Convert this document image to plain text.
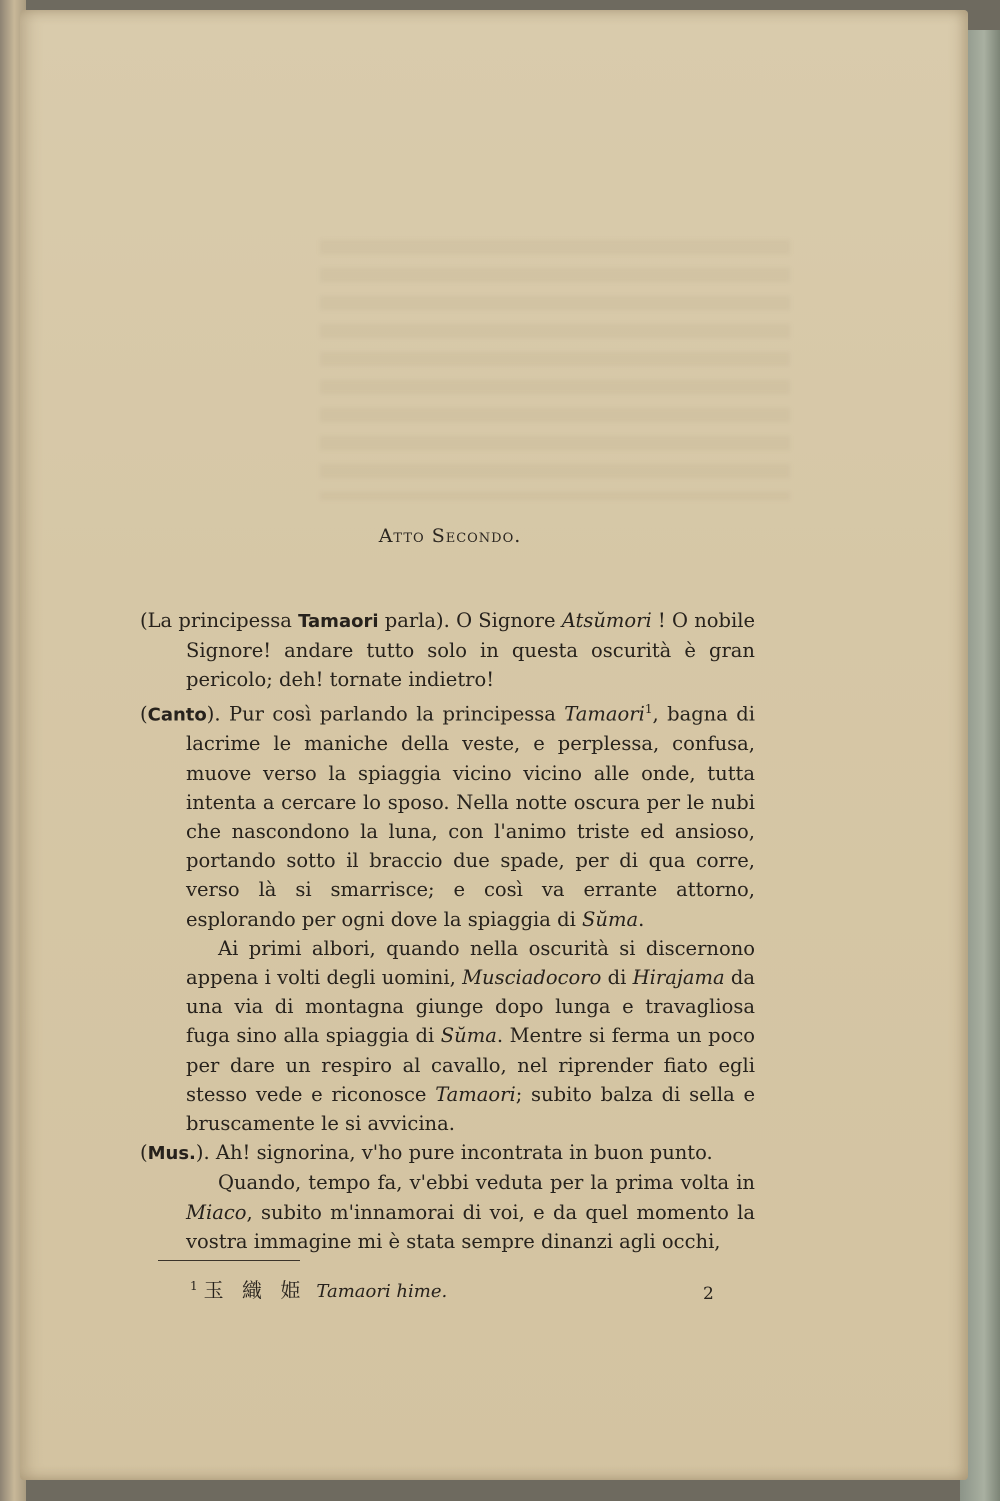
Atto Secondo.

(La principessa Tamaori parla). O Signore Atsŭmori ! O nobile Signore! andare tutto solo in questa oscurità è gran pericolo; deh! tornate indietro!

(Canto). Pur così parlando la principessa Tamaori$^1$, bagna di lacrime le maniche della veste, e perplessa, confusa, muove verso la spiaggia vicino vicino alle onde, tutta intenta a cercare lo sposo. Nella notte oscura per le nubi che nascondono la luna, con l'animo triste ed ansioso, portando sotto il braccio due spade, per di qua corre, verso là si smarrisce; e così va errante attorno, esplorando per ogni dove la spiaggia di Sŭma.

Ai primi albori, quando nella oscurità si discernono appena i volti degli uomini, Musciadocoro di Hirajama da una via di montagna giunge dopo lunga e travagliosa fuga sino alla spiaggia di Sŭma. Mentre si ferma un poco per dare un respiro al cavallo, nel riprender fiato egli stesso vede e riconosce Tamaori; subito balza di sella e bruscamente le si avvicina.

(Mus.). Ah! signorina, v'ho pure incontrata in buon punto.

Quando, tempo fa, v'ebbi veduta per la prima volta in Miaco, subito m'innamorai di voi, e da quel momento la vostra immagine mi è stata sempre dinanzi agli occhi,

$^1$ 玉 織 姫 Tamaori hime.	2
